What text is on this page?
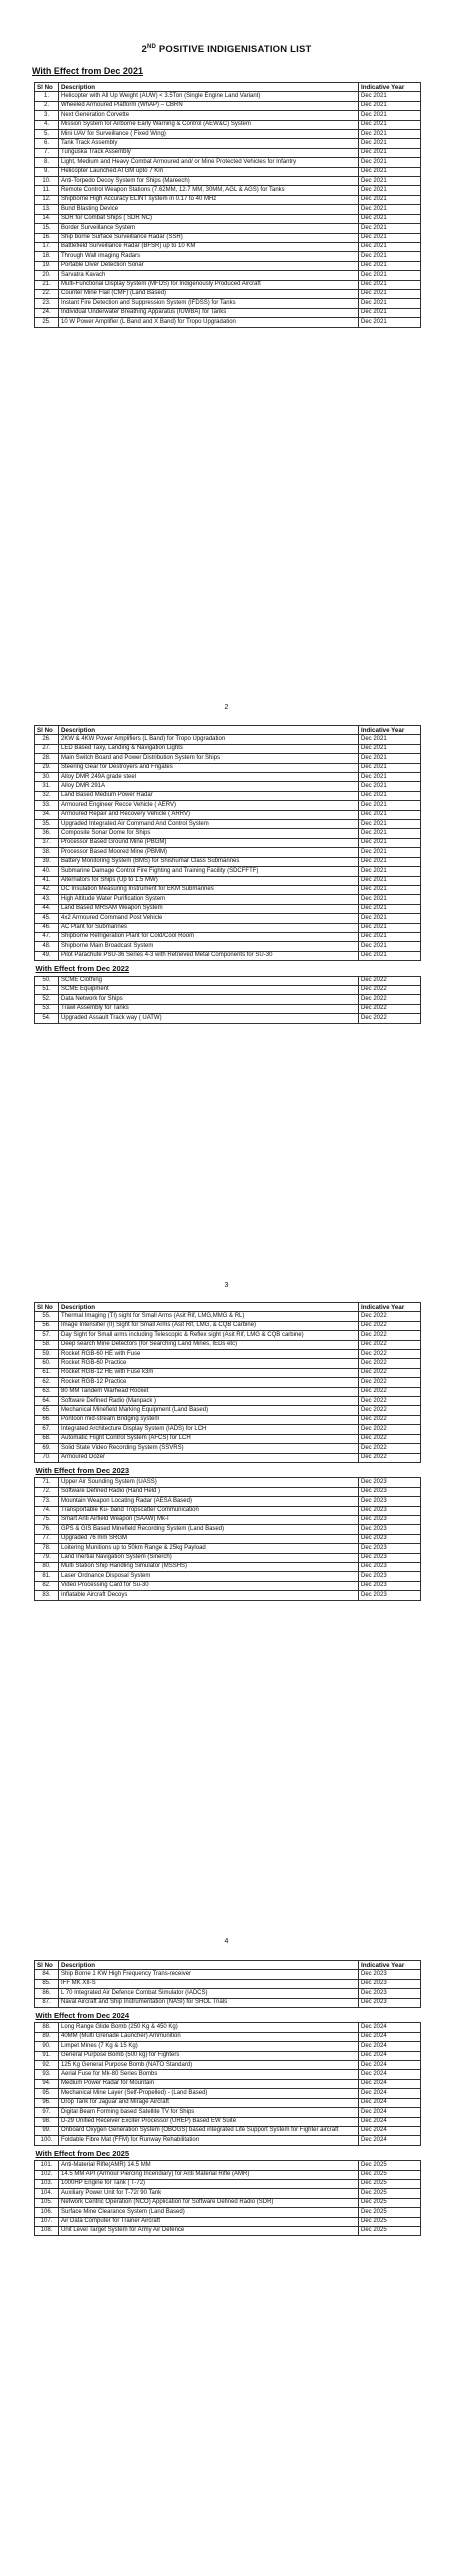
2ND POSITIVE INDIGENISATION LIST
With Effect from Dec 2021
Sl No	Description	Indicative Year
1.	Helicopter with All Up Weight (AUW) < 3.5Ton (Single Engine Land Variant)	Dec 2021
2.	Wheeled Armoured Platform (WhAP) – CBRN	Dec 2021
3.	Next Generation Corvette	Dec 2021
4.	Mission System for Airborne Early Warning & Control (AEW&C) System	Dec 2021
5.	Mini UAV for Surveillance ( Fixed Wing)	Dec 2021
6.	Tank Track Assembly	Dec 2021
7.	Tunguska Track Assembly	Dec 2021
8.	Light, Medium and Heavy Combat Armoured and/ or Mine Protected Vehicles for Infantry	Dec 2021
9.	Helicopter Launched ATGM upto 7 Km	Dec 2021
10.	Anti-Torpedo Decoy System for Ships (Mareech)	Dec 2021
11.	Remote Control Weapon Stations (7.62MM, 12.7 MM, 30MM, AGL & AGS) for Tanks	Dec 2021
12.	Shipborne High Accuracy ELINT system in 0.17 to 40 MHz	Dec 2021
13.	Bund Blasting Device	Dec 2021
14.	SDR for Combat Ships ( SDR NC)	Dec 2021
15.	Border Surveillance System	Dec 2021
16.	Ship borne Surface Surveillance Radar (SSR)	Dec 2021
17.	Battlefield Surveillance Radar (BFSR) up to 10 KM	Dec 2021
18.	Through Wall imaging Radars	Dec 2021
19.	Portable Diver Detection Sonar	Dec 2021
20.	Sarvatra Kavach	Dec 2021
21.	Multi-Functional Display System (MFDS) for Indigenously Produced Aircraft	Dec 2021
22.	Counter Mine Flail (CMF) (Land Based)	Dec 2021
23.	Instant Fire Detection and Suppression System (IFDSS) for Tanks	Dec 2021
24.	Individual Underwater Breathing Apparatus (IUWBA) for Tanks	Dec 2021
25.	10 W Power Amplifier (L Band and X Band) for Tropo Upgradation	Dec 2021
2
Sl No	Description	Indicative Year
26.	2KW & 4KW Power Amplifiers (L Band) for Tropo Upgradation	Dec 2021
27.	LED Based Taxy, Landing & Navigation Lights	Dec 2021
28.	Main Switch Board and Power Distribution System for Ships	Dec 2021
29.	Steering Gear for Destroyers and Frigates	Dec 2021
30.	Alloy DMR 249A grade steel	Dec 2021
31.	Alloy DMR 291A	Dec 2021
32.	Land Based Medium Power Radar	Dec 2021
33.	Armoured Engineer Recce Vehicle ( AERV)	Dec 2021
34.	Armoured Repair and Recovery Vehicle ( ARRV)	Dec 2021
35.	Upgraded Integrated Air Command And Control System	Dec 2021
36.	Composite Sonar Dome for Ships	Dec 2021
37.	Processor Based Ground Mine (PBGM)	Dec 2021
38.	Processor Based Moored Mine (PBMM)	Dec 2021
39.	Battery Monitoring System (BMS) for Shishumar Class Submarines	Dec 2021
40.	Submarine Damage Control Fire Fighting and Training Facility (SDCFFTF)	Dec 2021
41.	Alternators for Ships (Up to 1.5 MW)	Dec 2021
42.	DC Insulation Measuring Instrument for EKM Submarines	Dec 2021
43.	High Altitude Water Purification System	Dec 2021
44.	Land Based MRSAM Weapon System	Dec 2021
45.	4x2 Armoured Command Post Vehicle	Dec 2021
46.	AC Plant for Submarines	Dec 2021
47.	Shipborne Refrigeration Plant for Cold/Cool Room	Dec 2021
48.	Shipborne Main Broadcast System	Dec 2021
49.	Pilot Parachute PSU-36 Series 4-3 with Retrieved Metal Components for SU-30	Dec 2021
With Effect from Dec 2022		
50.	SCME Clothing	Dec 2022
51.	SCME Equipment	Dec 2022
52.	Data Network for Ships	Dec 2022
53.	Trawl Assembly for Tanks	Dec 2022
54.	Upgraded Assault Track way ( UATW)	Dec 2022
3
Sl No	Description	Indicative Year
55.	Thermal Imaging (TI) sight for Small Arms (Asit Rif, LMG,MMG & RL)	Dec 2022
56.	Image Intensifier (II) Sight for Small Arms (Asit Rif, LMG, & CQB Carbine)	Dec 2022
57.	Day Sight for Small arms including Telescopic & Reflex sight (Asit Rif, LMG & CQB carbine)	Dec 2022
58.	Deep search Mine Detectors (for Searching Land Mines, IEDs etc)	Dec 2022
59.	Rocket RGB-60 HE with Fuse	Dec 2022
60.	Rocket RGB-60 Practice	Dec 2022
61.	Rocket RGB-12 HE with Fuse k3m	Dec 2022
62.	Rocket RGB-12 Practice	Dec 2022
63.	80 MM Tandem Warhead Rocket	Dec 2022
64.	Software Defined Radio (Manpack )	Dec 2022
65.	Mechanical Minefield Marking Equipment (Land Based)	Dec 2022
66.	Pontoon mid-stream Bridging system	Dec 2022
67.	Integrated Architecture Display System (IADS) for LCH	Dec 2022
68.	Automatic Flight Control System (AFCS) for LCH	Dec 2022
69.	Solid State Video Recording System (SSVRS)	Dec 2022
70.	Armoured Dozer	Dec 2022
With Effect from Dec 2023		
71.	Upper Air Sounding System (UASS)	Dec 2023
72.	Software Defined Radio (Hand Held )	Dec 2023
73.	Mountain Weapon Locating Radar (AESA Based)	Dec 2023
74.	Transportable Ku- band Tropscatter Communication	Dec 2023
75.	Smart Anti Airfield Weapon (SAAW) Mk-I	Dec 2023
76.	GPS & GIS Based Minefield Recording System (Land Based)	Dec 2023
77.	Upgraded 76 mm SRGM	Dec 2023
78.	Loitering Munitions up to 50km Range & 25kg Payload	Dec 2023
79.	Land Inertial Navigation System (Sinerch)	Dec 2023
80.	Multi Station Ship Handling Simulator (MSSHS)	Dec 2023
81.	Laser Ordnance Disposal System	Dec 2023
82.	Video Processing Card for Su-30	Dec 2023
83.	Inflatable Aircraft Decoys	Dec 2023
4
Sl No	Description	Indicative Year
84.	Ship Borne 1 KW High Frequency Trans-receiver	Dec 2023
85.	IFF MK XII-S	Dec 2023
86.	L 70 Integrated Air Defence Combat Simulator (IADCS)	Dec 2023
87.	Naval Aircraft and Ship Instrumentation (NASI) for SHOL Trials	Dec 2023
With Effect from Dec 2024		
88.	Long Range Glide Bomb (250 Kg & 450 Kg)	Dec 2024
89.	40MM (Multi Grenade Launcher) Ammunition	Dec 2024
90.	Limpet Mines (7 Kg & 15 Kg)	Dec 2024
91.	General Purpose Bomb (500 kg) for Fighters	Dec 2024
92.	125 Kg General Purpose Bomb (NATO Standard)	Dec 2024
93.	Aerial Fuse for Mk-80 Series Bombs	Dec 2024
94.	Medium Power Radar for Mountain	Dec 2024
95.	Mechanical Mine Layer (Self-Propelled) - (Land Based)	Dec 2024
96.	Drop Tank for Jaguar and Mirage Aircraft	Dec 2024
97.	Digital Beam Forming based Satellite TV for Ships	Dec 2024
98.	D-29 Unified Receiver Exciter Processor (UREP) Based EW Suite	Dec 2024
99.	Onboard Oxygen Generation System (OBOGS) based integrated Life Support System for Fighter aircraft	Dec 2024
100.	Foldable Fibre Mat (FFM) for Runway Rehabilitation	Dec 2024
With Effect from Dec 2025		
101.	Anti-Material Rifle(AMR) 14.5 MM	Dec 2025
102.	14.5 MM API (Armour Piercing Incendiary) for Anti Material Rifle (AMR)	Dec 2025
103.	1000HP Engine for Tank ( T-72)	Dec 2025
104.	Auxiliary Power Unit for T-72/ 90 Tank	Dec 2025
105.	Network Centric Operation (NCO) Application for Software Defined Radio (SDR)	Dec 2025
106.	Surface Mine Clearance System (Land Based)	Dec 2025
107.	Air Data Computer for Trainer Aircraft	Dec 2025
108.	Unit Level Target System for Army Air Defence	Dec 2025
